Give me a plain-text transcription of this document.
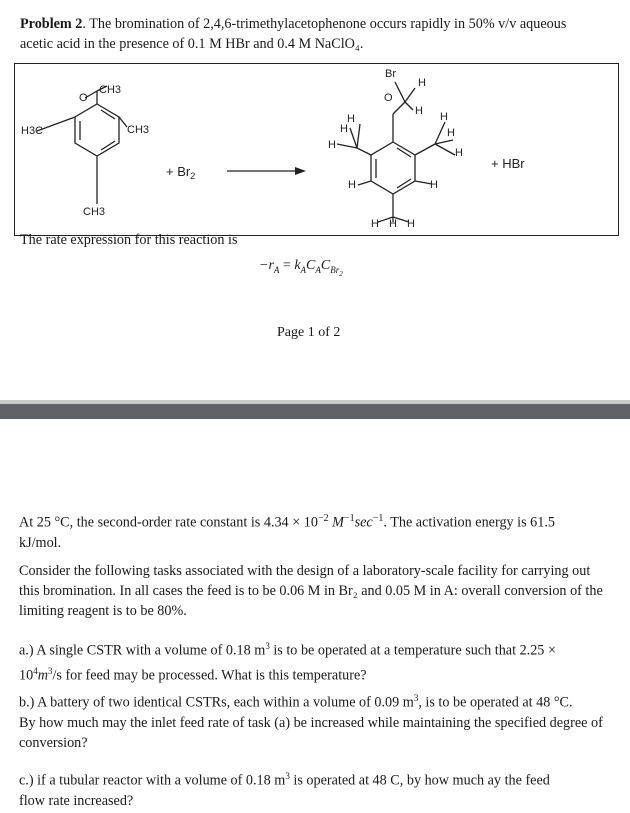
Problem 2. The bromination of 2,4,6-trimethylacetophenone occurs rapidly in 50% v/v aqueous
acetic acid in the presence of 0.1 M HBr and 0.4 M NaClO₄.
O
CH3
H3C	CH3
CH3
Br
O
H
H
H
H
H
H
H
H
H	H
H H H
+ $Br_2$
+ HBr
The rate expression for this reaction is
$-r_A = k_AC_AC_{Br_2}$
Page 1 of 2
At 25 °C, the second-order rate constant is $4.34 \times 10^{-2}$ $M^{-1}\sec^{-1}$. The activation energy is 61.5
kJ/mol.
Consider the following tasks associated with the design of a laboratory-scale facility for carrying out this bromination. In all cases the feed is to be 0.06 M in Br₂ and 0.05 M in A: overall conversion of the limiting reagent is to be 80%.
a.) A single CSTR with a volume of 0.18 $m^3$ is to be operated at a temperature such that 2.25 ×
$10^4m^3/s$ for feed may be processed. What is this temperature?
b.) A battery of two identical CSTRs, each within a volume of 0.09 $m^3$, is to be operated at 48 °C.
By how much may the inlet feed rate of task (a) be increased while maintaining the specified degree of conversion?
c.) if a tubular reactor with a volume of 0.18 $m^3$ is operated at 48 C, by how much ay the feed
flow rate increased?
